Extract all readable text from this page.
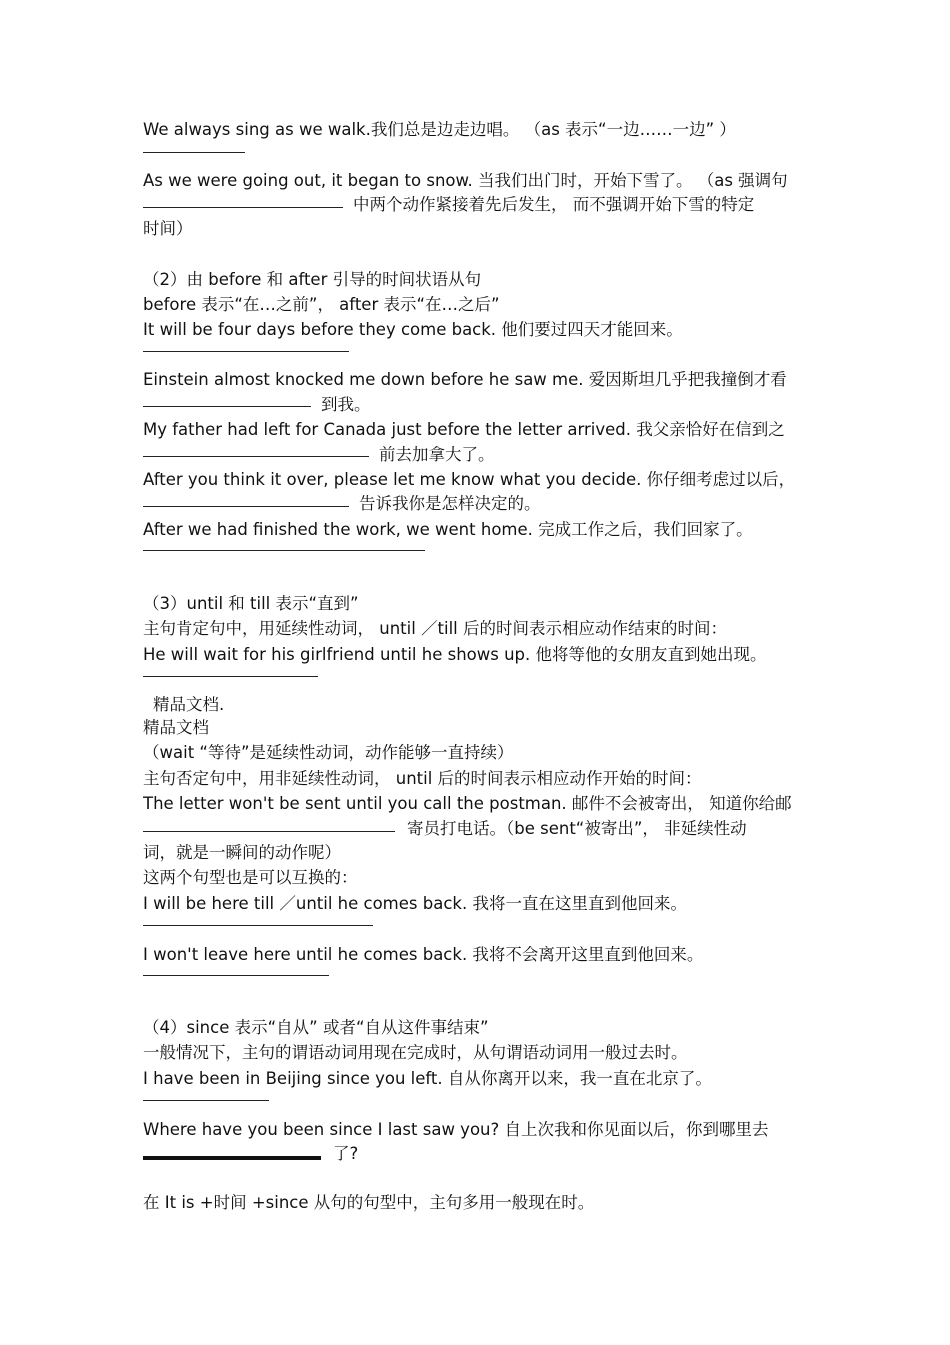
We always sing as we walk.我们总是边走边唱。 （as 表示“一边……一边” ）
As we were going out, it began to snow. 当我们出门时，开始下雪了。 （as 强调句
中两个动作紧接着先后发生， 而不强调开始下雪的特定
时间）
（2）由 before 和 after 引导的时间状语从句
before 表示“在…之前”， after 表示“在…之后”
It will be four days before they come back. 他们要过四天才能回来。
Einstein almost knocked me down before he saw me. 爱因斯坦几乎把我撞倒才看
到我。
My father had left for Canada just before the letter arrived. 我父亲恰好在信到之
前去加拿大了。
After you think it over, please let me know what you decide. 你仔细考虑过以后，
告诉我你是怎样决定的。
After we had finished the work, we went home. 完成工作之后，我们回家了。
（3）until 和 till 表示“直到”
主句肯定句中，用延续性动词， until ／till 后的时间表示相应动作结束的时间：
He will wait for his girlfriend until he shows up. 他将等他的女朋友直到她出现。
精品文档.
精品文档
（wait “等待”是延续性动词，动作能够一直持续）
主句否定句中，用非延续性动词， until 后的时间表示相应动作开始的时间：
The letter won't be sent until you call the postman. 邮件不会被寄出， 知道你给邮
寄员打电话。（be sent“被寄出”， 非延续性动
词，就是一瞬间的动作呢）
这两个句型也是可以互换的：
I will be here till ／until he comes back. 我将一直在这里直到他回来。
I won't leave here until he comes back. 我将不会离开这里直到他回来。
（4）since 表示“自从” 或者“自从这件事结束”
一般情况下，主句的谓语动词用现在完成时，从句谓语动词用一般过去时。
I have been in Beijing since you left. 自从你离开以来，我一直在北京了。
Where have you been since I last saw you? 自上次我和你见面以后，你到哪里去
了?
在 It is +时间 +since 从句的句型中，主句多用一般现在时。
